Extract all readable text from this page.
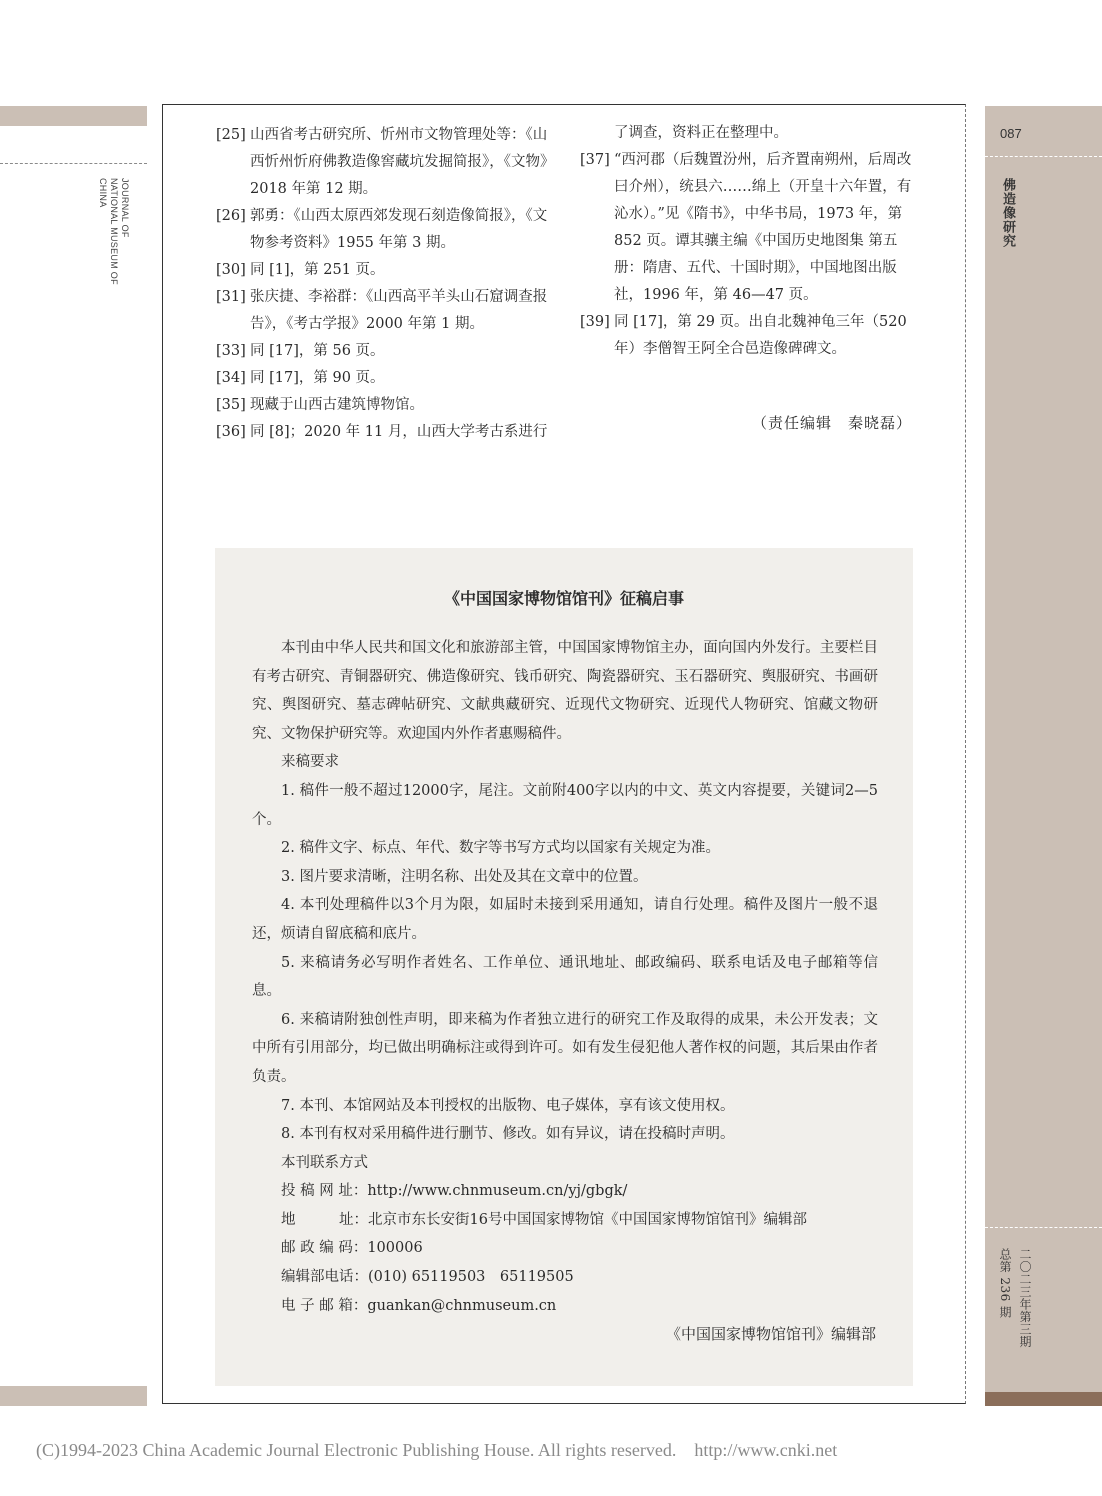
JOURNAL OF
NATIONAL MUSEUM OF
CHINA
087
佛造像研究
二〇二三年第三期
总第 236 期
[25] 山西省考古研究所、忻州市文物管理处等：《山西忻州忻府佛教造像窖藏坑发掘简报》，《文物》2018 年第 12 期。
[26] 郭勇：《山西太原西郊发现石刻造像简报》，《文物参考资料》1955 年第 3 期。
[30] 同 [1]，第 251 页。
[31] 张庆捷、李裕群：《山西高平羊头山石窟调查报告》，《考古学报》2000 年第 1 期。
[33] 同 [17]，第 56 页。
[34] 同 [17]，第 90 页。
[35] 现藏于山西古建筑博物馆。
[36] 同 [8]；2020 年 11 月，山西大学考古系进行
了调查，资料正在整理中。
[37] “西河郡（后魏置汾州，后齐置南朔州，后周改曰介州），统县六……绵上（开皇十六年置，有沁水）。”见《隋书》，中华书局，1973 年，第 852 页。谭其骧主编《中国历史地图集 第五册：隋唐、五代、十国时期》，中国地图出版社，1996 年，第 46—47 页。
[39] 同 [17]，第 29 页。出自北魏神龟三年（520 年）李僧智王阿全合邑造像碑碑文。
（责任编辑　秦晓磊）
《中国国家博物馆馆刊》征稿启事

本刊由中华人民共和国文化和旅游部主管，中国国家博物馆主办，面向国内外发行。主要栏目有考古研究、青铜器研究、佛造像研究、钱币研究、陶瓷器研究、玉石器研究、舆服研究、书画研究、舆图研究、墓志碑帖研究、文献典藏研究、近现代文物研究、近现代人物研究、馆藏文物研究、文物保护研究等。欢迎国内外作者惠赐稿件。

来稿要求

1. 稿件一般不超过12000字，尾注。文前附400字以内的中文、英文内容提要，关键词2—5个。

2. 稿件文字、标点、年代、数字等书写方式均以国家有关规定为准。

3. 图片要求清晰，注明名称、出处及其在文章中的位置。

4. 本刊处理稿件以3个月为限，如届时未接到采用通知，请自行处理。稿件及图片一般不退还，烦请自留底稿和底片。

5. 来稿请务必写明作者姓名、工作单位、通讯地址、邮政编码、联系电话及电子邮箱等信息。

6. 来稿请附独创性声明，即来稿为作者独立进行的研究工作及取得的成果，未公开发表；文中所有引用部分，均已做出明确标注或得到许可。如有发生侵犯他人著作权的问题，其后果由作者负责。

7. 本刊、本馆网站及本刊授权的出版物、电子媒体，享有该文使用权。

8. 本刊有权对采用稿件进行删节、修改。如有异议，请在投稿时声明。

本刊联系方式

投 稿 网 址：http://www.chnmuseum.cn/yj/gbgk/

地　　　址：北京市东长安街16号中国国家博物馆《中国国家博物馆馆刊》编辑部

邮 政 编 码：100006

编辑部电话：(010) 65119503　65119505

电 子 邮 箱：guankan@chnmuseum.cn

《中国国家博物馆馆刊》编辑部
(C)1994-2023 China Academic Journal Electronic Publishing House. All rights reserved.    http://www.cnki.net
